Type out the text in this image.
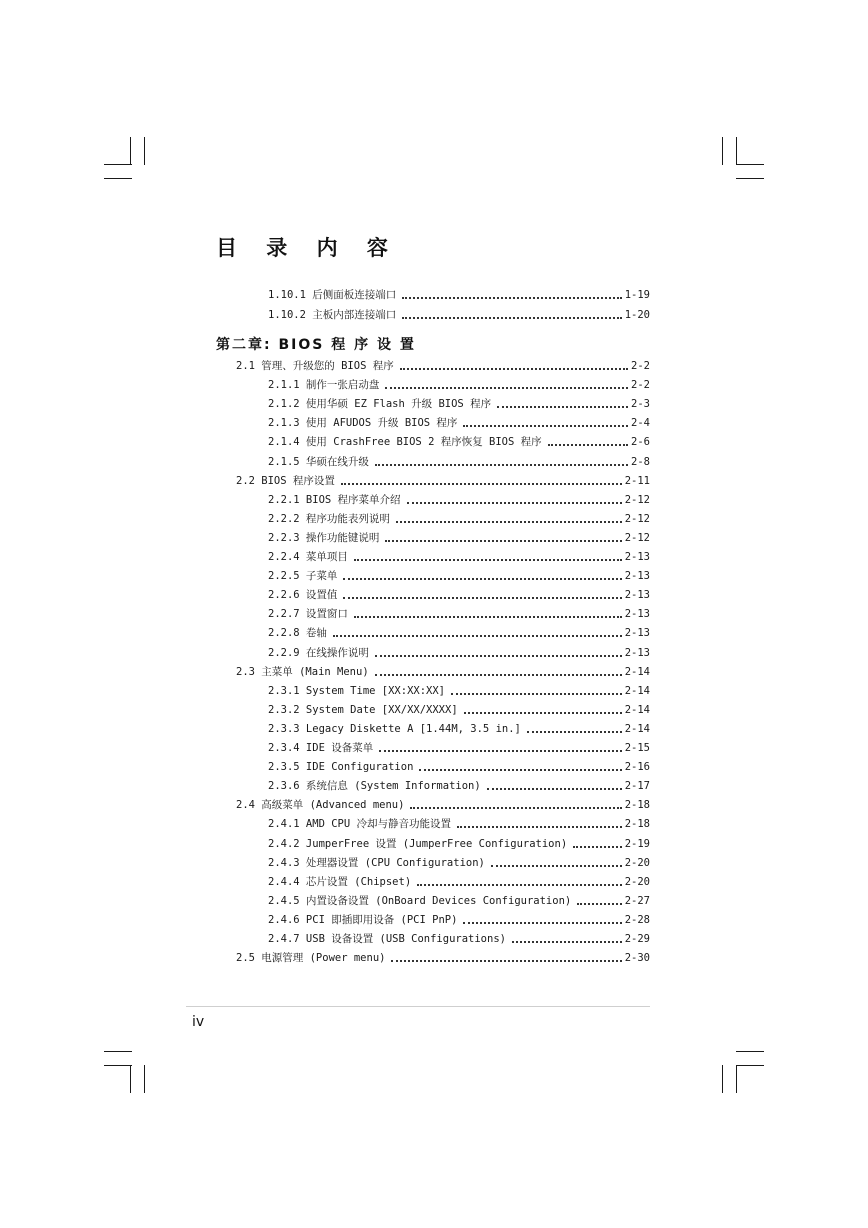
目 录 内 容
1.10.1 后侧面板连接端口	1-19
1.10.2 主板内部连接端口	1-20
第二章: BIOS 程 序 设 置
2.1 管理、升级您的 BIOS 程序	2-2
2.1.1 制作一张启动盘	2-2
2.1.2 使用华硕 EZ Flash 升级 BIOS 程序	2-3
2.1.3 使用 AFUDOS 升级 BIOS 程序	2-4
2.1.4 使用 CrashFree BIOS 2 程序恢复 BIOS 程序	2-6
2.1.5 华硕在线升级	2-8
2.2 BIOS 程序设置	2-11
2.2.1 BIOS 程序菜单介绍	2-12
2.2.2 程序功能表列说明	2-12
2.2.3 操作功能键说明	2-12
2.2.4 菜单项目	2-13
2.2.5 子菜单	2-13
2.2.6 设置值	2-13
2.2.7 设置窗口	2-13
2.2.8 卷轴	2-13
2.2.9 在线操作说明	2-13
2.3 主菜单 (Main Menu)	2-14
2.3.1 System Time [XX:XX:XX]	2-14
2.3.2 System Date [XX/XX/XXXX]	2-14
2.3.3 Legacy Diskette A [1.44M, 3.5 in.]	2-14
2.3.4 IDE 设备菜单	2-15
2.3.5 IDE Configuration	2-16
2.3.6 系统信息 (System Information)	2-17
2.4 高级菜单 (Advanced menu)	2-18
2.4.1 AMD CPU 冷却与静音功能设置	2-18
2.4.2 JumperFree 设置 (JumperFree Configuration)	2-19
2.4.3 处理器设置 (CPU Configuration)	2-20
2.4.4 芯片设置 (Chipset)	2-20
2.4.5 内置设备设置 (OnBoard Devices Configuration)	2-27
2.4.6 PCI 即插即用设备 (PCI PnP)	2-28
2.4.7 USB 设备设置 (USB Configurations)	2-29
2.5 电源管理 (Power menu)	2-30
iv
